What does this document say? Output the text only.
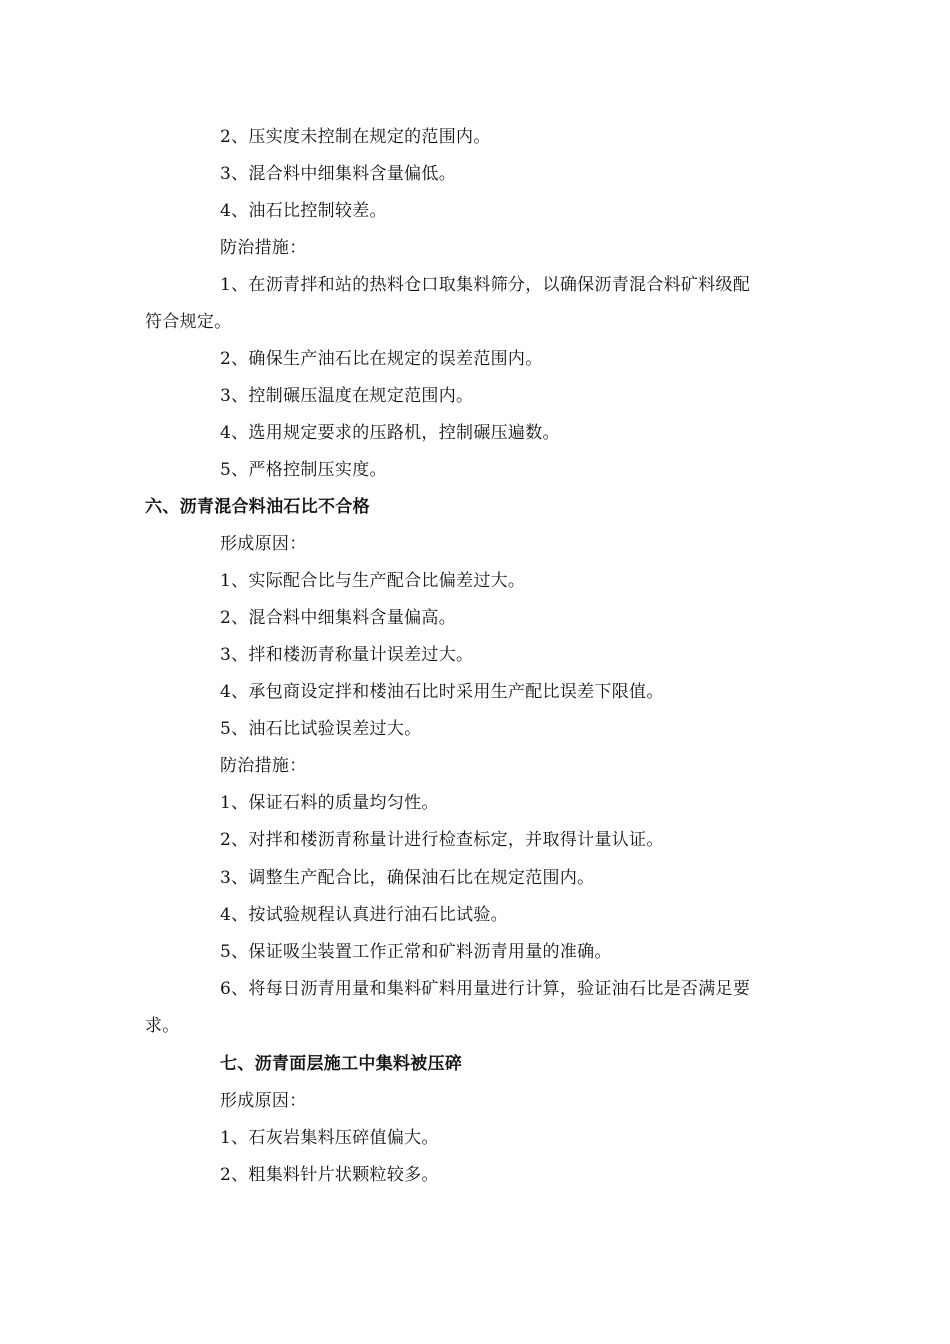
2、压实度未控制在规定的范围内。
3、混合料中细集料含量偏低。
4、油石比控制较差。
防治措施：
1、在沥青拌和站的热料仓口取集料筛分，以确保沥青混合料矿料级配
符合规定。
2、确保生产油石比在规定的误差范围内。
3、控制碾压温度在规定范围内。
4、选用规定要求的压路机，控制碾压遍数。
5、严格控制压实度。
六、沥青混合料油石比不合格
形成原因：
1、实际配合比与生产配合比偏差过大。
2、混合料中细集料含量偏高。
3、拌和楼沥青称量计误差过大。
4、承包商设定拌和楼油石比时采用生产配比误差下限值。
5、油石比试验误差过大。
防治措施：
1、保证石料的质量均匀性。
2、对拌和楼沥青称量计进行检查标定，并取得计量认证。
3、调整生产配合比，确保油石比在规定范围内。
4、按试验规程认真进行油石比试验。
5、保证吸尘装置工作正常和矿料沥青用量的准确。
6、将每日沥青用量和集料矿料用量进行计算，验证油石比是否满足要
求。
七、沥青面层施工中集料被压碎
形成原因：
1、石灰岩集料压碎值偏大。
2、粗集料针片状颗粒较多。
